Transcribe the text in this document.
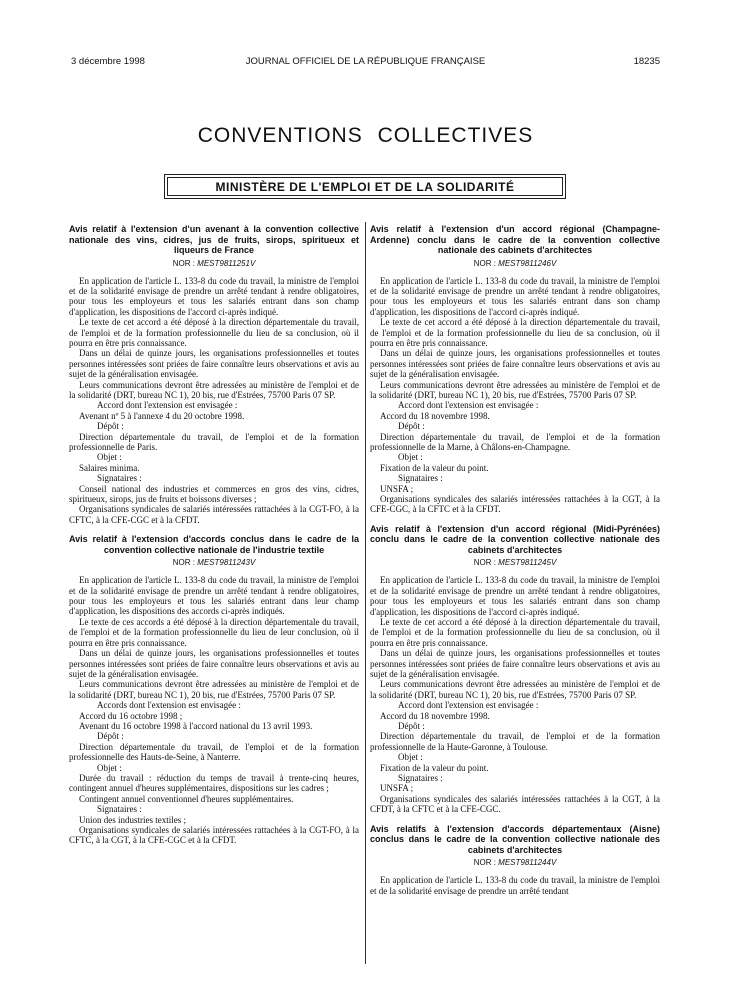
3 décembre 1998	JOURNAL OFFICIEL DE LA RÉPUBLIQUE FRANÇAISE	18235
CONVENTIONS COLLECTIVES
MINISTÈRE DE L'EMPLOI ET DE LA SOLIDARITÉ
Avis relatif à l'extension d'un avenant à la convention collective nationale des vins, cidres, jus de fruits, sirops, spiritueux et liqueurs de France
NOR : MEST9811251V

En application de l'article L. 133-8 du code du travail, la ministre de l'emploi et de la solidarité envisage de prendre un arrêté tendant à rendre obligatoires, pour tous les employeurs et tous les salariés entrant dans son champ d'application, les dispositions de l'accord ci-après indiqué.

Le texte de cet accord a été déposé à la direction départementale du travail, de l'emploi et de la formation professionnelle du lieu de sa conclusion, où il pourra en être pris connaissance.

Dans un délai de quinze jours, les organisations professionnelles et toutes personnes intéressées sont priées de faire connaître leurs observations et avis au sujet de la généralisation envisagée.

Leurs communications devront être adressées au ministère de l'emploi et de la solidarité (DRT, bureau NC 1), 20 bis, rue d'Estrées, 75700 Paris 07 SP.

Accord dont l'extension est envisagée :

Avenant nº 5 à l'annexe 4 du 20 octobre 1998.

Dépôt :

Direction départementale du travail, de l'emploi et de la formation professionnelle de Paris.

Objet :

Salaires minima.

Signataires :

Conseil national des industries et commerces en gros des vins, cidres, spiritueux, sirops, jus de fruits et boissons diverses ;

Organisations syndicales de salariés intéressées rattachées à la CGT-FO, à la CFTC, à la CFE-CGC et à la CFDT.

Avis relatif à l'extension d'accords conclus dans le cadre de la convention collective nationale de l'industrie textile
NOR : MEST9811243V

En application de l'article L. 133-8 du code du travail, la ministre de l'emploi et de la solidarité envisage de prendre un arrêté tendant à rendre obligatoires, pour tous les employeurs et tous les salariés entrant dans leur champ d'application, les dispositions des accords ci-après indiqués.

Le texte de ces accords a été déposé à la direction départementale du travail, de l'emploi et de la formation professionnelle du lieu de leur conclusion, où il pourra en être pris connaissance.

Dans un délai de quinze jours, les organisations professionnelles et toutes personnes intéressées sont priées de faire connaître leurs observations et avis au sujet de la généralisation envisagée.

Leurs communications devront être adressées au ministère de l'emploi et de la solidarité (DRT, bureau NC 1), 20 bis, rue d'Estrées, 75700 Paris 07 SP.

Accords dont l'extension est envisagée :

Accord du 16 octobre 1998 ;

Avenant du 16 octobre 1998 à l'accord national du 13 avril 1993.

Dépôt :

Direction départementale du travail, de l'emploi et de la formation professionnelle des Hauts-de-Seine, à Nanterre.

Objet :

Durée du travail : réduction du temps de travail à trente-cinq heures, contingent annuel d'heures supplémentaires, dispositions sur les cadres ;

Contingent annuel conventionnel d'heures supplémentaires.

Signataires :

Union des industries textiles ;

Organisations syndicales de salariés intéressées rattachées à la CGT-FO, à la CFTC, à la CGT, à la CFE-CGC et à la CFDT.

Avis relatif à l'extension d'un accord régional (Champagne-Ardenne) conclu dans le cadre de la convention collective nationale des cabinets d'architectes
NOR : MEST9811246V

En application de l'article L. 133-8 du code du travail, la ministre de l'emploi et de la solidarité envisage de prendre un arrêté tendant à rendre obligatoires, pour tous les employeurs et tous les salariés entrant dans son champ d'application, les dispositions de l'accord ci-après indiqué.

Le texte de cet accord a été déposé à la direction départementale du travail, de l'emploi et de la formation professionnelle du lieu de sa conclusion, où il pourra en être pris connaissance.

Dans un délai de quinze jours, les organisations professionnelles et toutes personnes intéressées sont priées de faire connaître leurs observations et avis au sujet de la généralisation envisagée.

Leurs communications devront être adressées au ministère de l'emploi et de la solidarité (DRT, bureau NC 1), 20 bis, rue d'Estrées, 75700 Paris 07 SP.

Accord dont l'extension est envisagée :

Accord du 18 novembre 1998.

Dépôt :

Direction départementale du travail, de l'emploi et de la formation professionnelle de la Marne, à Châlons-en-Champagne.

Objet :

Fixation de la valeur du point.

Signataires :

UNSFA ;

Organisations syndicales des salariés intéressées rattachées à la CGT, à la CFE-CGC, à la CFTC et à la CFDT.

Avis relatif à l'extension d'un accord régional (Midi-Pyrénées) conclu dans le cadre de la convention collective nationale des cabinets d'architectes
NOR : MEST9811245V

En application de l'article L. 133-8 du code du travail, la ministre de l'emploi et de la solidarité envisage de prendre un arrêté tendant à rendre obligatoires, pour tous les employeurs et tous les salariés entrant dans son champ d'application, les dispositions de l'accord ci-après indiqué.

Le texte de cet accord a été déposé à la direction départementale du travail, de l'emploi et de la formation professionnelle du lieu de sa conclusion, où il pourra en être pris connaissance.

Dans un délai de quinze jours, les organisations professionnelles et toutes personnes intéressées sont priées de faire connaître leurs observations et avis au sujet de la généralisation envisagée.

Leurs communications devront être adressées au ministère de l'emploi et de la solidarité (DRT, bureau NC 1), 20 bis, rue d'Estrées, 75700 Paris 07 SP.

Accord dont l'extension est envisagée :

Accord du 18 novembre 1998.

Dépôt :

Direction départementale du travail, de l'emploi et de la formation professionnelle de la Haute-Garonne, à Toulouse.

Objet :

Fixation de la valeur du point.

Signataires :

UNSFA ;

Organisations syndicales des salariés intéressées rattachées à la CGT, à la CFDT, à la CFTC et à la CFE-CGC.

Avis relatifs à l'extension d'accords départementaux (Aisne) conclus dans le cadre de la convention collective nationale des cabinets d'architectes
NOR : MEST9811244V

En application de l'article L. 133-8 du code du travail, la ministre de l'emploi et de la solidarité envisage de prendre un arrêté tendant
